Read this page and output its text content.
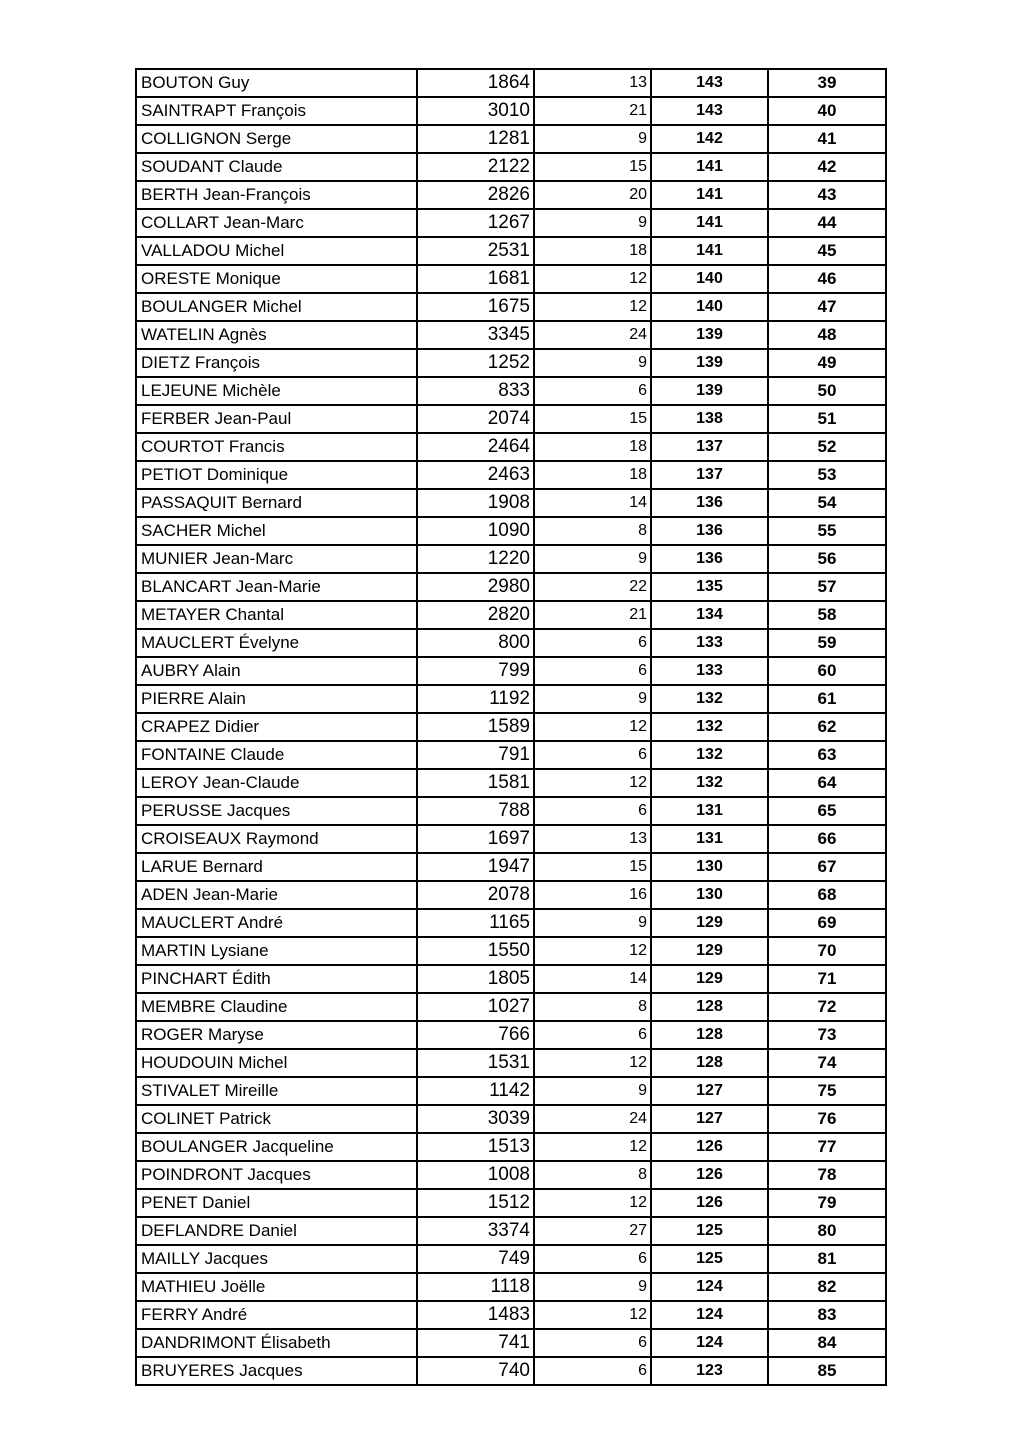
BOUTON Guy	1864	13	143	39
SAINTRAPT François	3010	21	143	40
COLLIGNON Serge	1281	9	142	41
SOUDANT Claude	2122	15	141	42
BERTH Jean-François	2826	20	141	43
COLLART Jean-Marc	1267	9	141	44
VALLADOU Michel	2531	18	141	45
ORESTE Monique	1681	12	140	46
BOULANGER Michel	1675	12	140	47
WATELIN Agnès	3345	24	139	48
DIETZ François	1252	9	139	49
LEJEUNE Michèle	833	6	139	50
FERBER Jean-Paul	2074	15	138	51
COURTOT Francis	2464	18	137	52
PETIOT Dominique	2463	18	137	53
PASSAQUIT Bernard	1908	14	136	54
SACHER Michel	1090	8	136	55
MUNIER Jean-Marc	1220	9	136	56
BLANCART Jean-Marie	2980	22	135	57
METAYER Chantal	2820	21	134	58
MAUCLERT Évelyne	800	6	133	59
AUBRY Alain	799	6	133	60
PIERRE Alain	1192	9	132	61
CRAPEZ Didier	1589	12	132	62
FONTAINE Claude	791	6	132	63
LEROY Jean-Claude	1581	12	132	64
PERUSSE Jacques	788	6	131	65
CROISEAUX Raymond	1697	13	131	66
LARUE Bernard	1947	15	130	67
ADEN Jean-Marie	2078	16	130	68
MAUCLERT André	1165	9	129	69
MARTIN Lysiane	1550	12	129	70
PINCHART Édith	1805	14	129	71
MEMBRE Claudine	1027	8	128	72
ROGER Maryse	766	6	128	73
HOUDOUIN Michel	1531	12	128	74
STIVALET Mireille	1142	9	127	75
COLINET Patrick	3039	24	127	76
BOULANGER Jacqueline	1513	12	126	77
POINDRONT Jacques	1008	8	126	78
PENET Daniel	1512	12	126	79
DEFLANDRE Daniel	3374	27	125	80
MAILLY Jacques	749	6	125	81
MATHIEU Joëlle	1118	9	124	82
FERRY André	1483	12	124	83
DANDRIMONT Élisabeth	741	6	124	84
BRUYERES Jacques	740	6	123	85
